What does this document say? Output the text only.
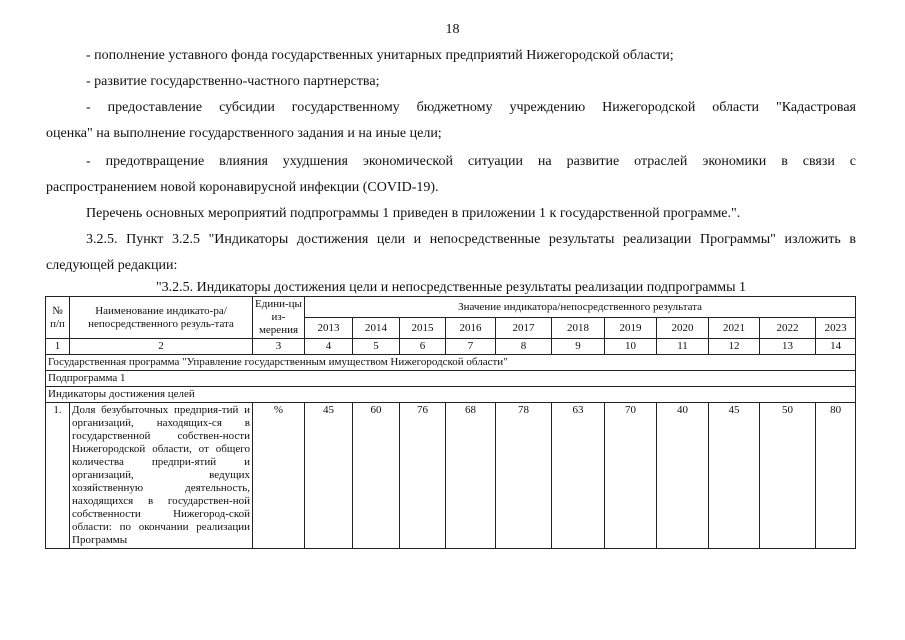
18
- пополнение уставного фонда государственных унитарных предприятий Нижегородской области;
- развитие государственно-частного партнерства;
- предоставление субсидии государственному бюджетному учреждению Нижегородской области "Кадастровая
оценка" на выполнение государственного задания и на иные цели;
- предотвращение влияния ухудшения экономической ситуации на развитие отраслей экономики в связи с
распространением новой коронавирусной инфекции (COVID-19).
Перечень основных мероприятий подпрограммы 1 приведен в приложении 1 к государственной программе.".
3.2.5. Пункт 3.2.5 "Индикаторы достижения цели и непосредственные результаты реализации Программы" изложить в
следующей редакции:
"3.2.5. Индикаторы достижения цели и непосредственные результаты реализации подпрограммы 1
№ п/п	Наименование индикато-ра/непосредственного резуль-тата	Едини-цы из-мерения	Значение индикатора/непосредственного результата										
			2013	2014	2015	2016	2017	2018	2019	2020	2021	2022	2023
1	2	3	4	5	6	7	8	9	10	11	12	13	14
Государственная программа "Управление государственным имуществом Нижегородской области"													
Подпрограмма 1													
Индикаторы достижения целей													
1.	Доля безубыточных предприя-тий и организаций, находящих-ся в государственной собствен-ности Нижегородской области, от общего количества предпри-ятий и организаций, ведущих хозяйственную деятельность, находящихся в государствен-ной собственности Нижегород-ской области: по окончании реализации Программы	%	45	60	76	68	78	63	70	40	45	50	80
